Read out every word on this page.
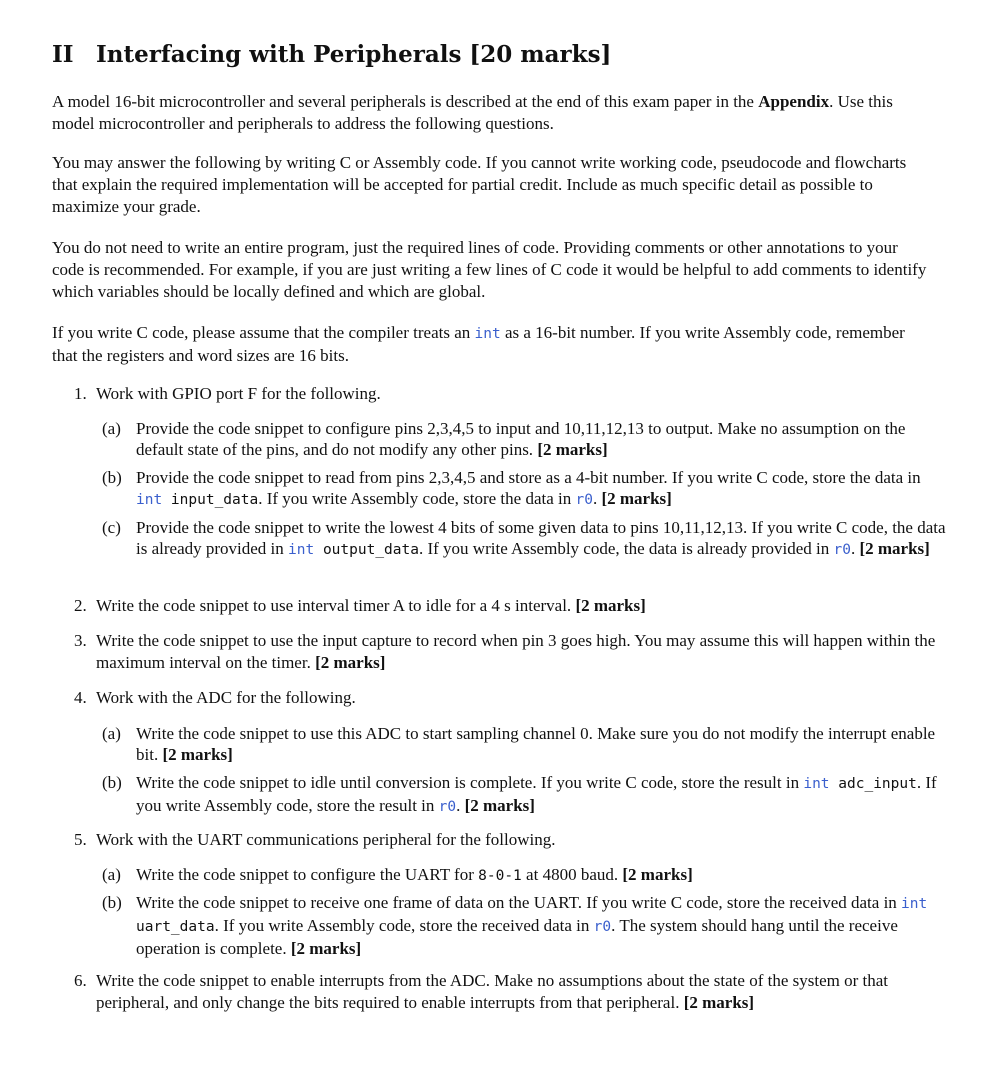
II Interfacing with Peripherals [20 marks]

A model 16-bit microcontroller and several peripherals is described at the end of this exam paper in the Appendix. Use this model microcontroller and peripherals to address the following questions.

You may answer the following by writing C or Assembly code. If you cannot write working code, pseudocode and flowcharts that explain the required implementation will be accepted for partial credit. Include as much specific detail as possible to maximize your grade.

You do not need to write an entire program, just the required lines of code. Providing comments or other annotations to your code is recommended. For example, if you are just writing a few lines of C code it would be helpful to add comments to identify which variables should be locally defined and which are global.

If you write C code, please assume that the compiler treats an int as a 16-bit number. If you write Assembly code, remember that the registers and word sizes are 16 bits.

1. Work with GPIO port F for the following.
(a) Provide the code snippet to configure pins 2,3,4,5 to input and 10,11,12,13 to output. Make no assumption on the default state of the pins, and do not modify any other pins. [2 marks]
(b) Provide the code snippet to read from pins 2,3,4,5 and store as a 4-bit number. If you write C code, store the data in int input_data. If you write Assembly code, store the data in r0. [2 marks]
(c) Provide the code snippet to write the lowest 4 bits of some given data to pins 10,11,12,13. If you write C code, the data is already provided in int output_data. If you write Assembly code, the data is already provided in r0. [2 marks]
2. Write the code snippet to use interval timer A to idle for a 4 s interval. [2 marks]
3. Write the code snippet to use the input capture to record when pin 3 goes high. You may assume this will happen within the maximum interval on the timer. [2 marks]
4. Work with the ADC for the following.
(a) Write the code snippet to use this ADC to start sampling channel 0. Make sure you do not modify the interrupt enable bit. [2 marks]
(b) Write the code snippet to idle until conversion is complete. If you write C code, store the result in int adc_input. If you write Assembly code, store the result in r0. [2 marks]
5. Work with the UART communications peripheral for the following.
(a) Write the code snippet to configure the UART for 8-0-1 at 4800 baud. [2 marks]
(b) Write the code snippet to receive one frame of data on the UART. If you write C code, store the received data in int uart_data. If you write Assembly code, store the received data in r0. The system should hang until the receive operation is complete. [2 marks]
6. Write the code snippet to enable interrupts from the ADC. Make no assumptions about the state of the system or that peripheral, and only change the bits required to enable interrupts from that peripheral. [2 marks]
